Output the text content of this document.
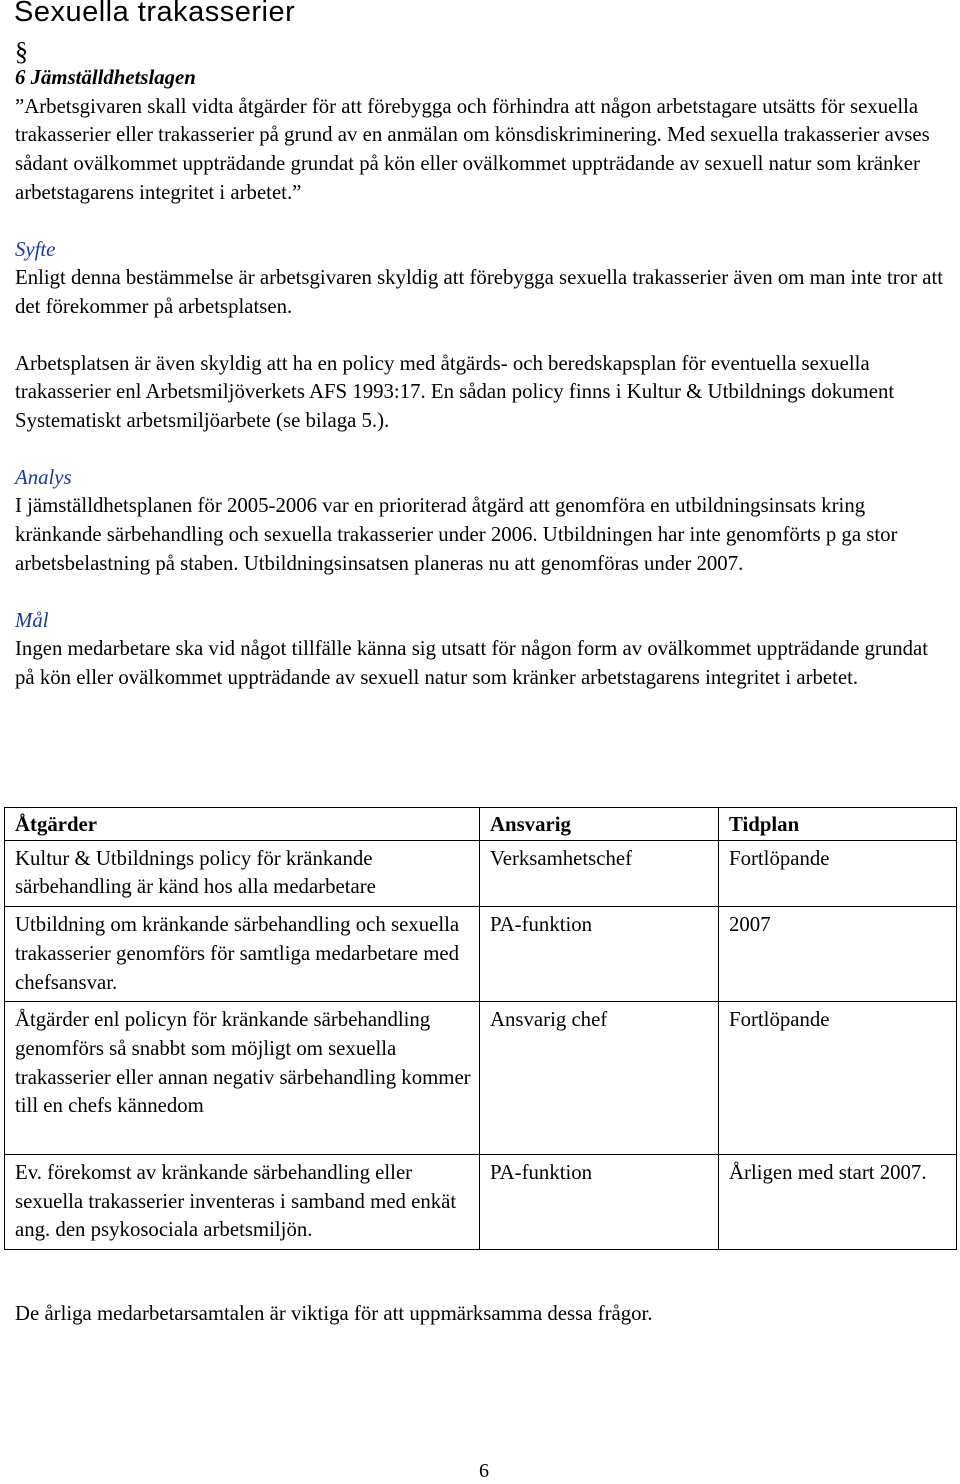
Sexuella trakasserier

§
6 Jämställdhetslagen

”Arbetsgivaren skall vidta åtgärder för att förebygga och förhindra att någon arbetstagare utsätts för sexuella trakasserier eller trakasserier på grund av en anmälan om könsdiskriminering. Med sexuella trakasserier avses sådant ovälkommet uppträdande grundat på kön eller ovälkommet uppträdande av sexuell natur som kränker arbetstagarens integritet i arbetet.”

Syfte

Enligt denna bestämmelse är arbetsgivaren skyldig att förebygga sexuella trakasserier även om man inte tror att det förekommer på arbetsplatsen.

Arbetsplatsen är även skyldig att ha en policy med åtgärds- och beredskapsplan för eventuella sexuella trakasserier enl Arbetsmiljöverkets AFS 1993:17. En sådan policy finns i Kultur & Utbildnings dokument Systematiskt arbetsmiljöarbete (se bilaga 5.).

Analys

I jämställdhetsplanen för 2005-2006 var en prioriterad åtgärd att genomföra en utbildningsinsats kring kränkande särbehandling och sexuella trakasserier under 2006. Utbildningen har inte genomförts p ga stor arbetsbelastning på staben. Utbildningsinsatsen planeras nu att genomföras under 2007.

Mål

Ingen medarbetare ska vid något tillfälle känna sig utsatt för någon form av ovälkommet uppträdande grundat på kön eller ovälkommet uppträdande av sexuell natur som kränker arbetstagarens integritet i arbetet.

Åtgärder	Ansvarig	Tidplan
Kultur & Utbildnings policy för kränkande särbehandling är känd hos alla medarbetare	Verksamhetschef	Fortlöpande
Utbildning om kränkande särbehandling och sexuella trakasserier genomförs för samtliga medarbetare med chefsansvar.	PA-funktion	2007
Åtgärder enl policyn för kränkande särbehandling genomförs så snabbt som möjligt om sexuella trakasserier eller annan negativ särbehandling kommer till en chefs kännedom	Ansvarig chef	Fortlöpande
Ev. förekomst av kränkande särbehandling eller sexuella trakasserier inventeras i samband med enkät ang. den psykosociala arbetsmiljön.	PA-funktion	Årligen med start 2007.

De årliga medarbetarsamtalen är viktiga för att uppmärksamma dessa frågor.

6
